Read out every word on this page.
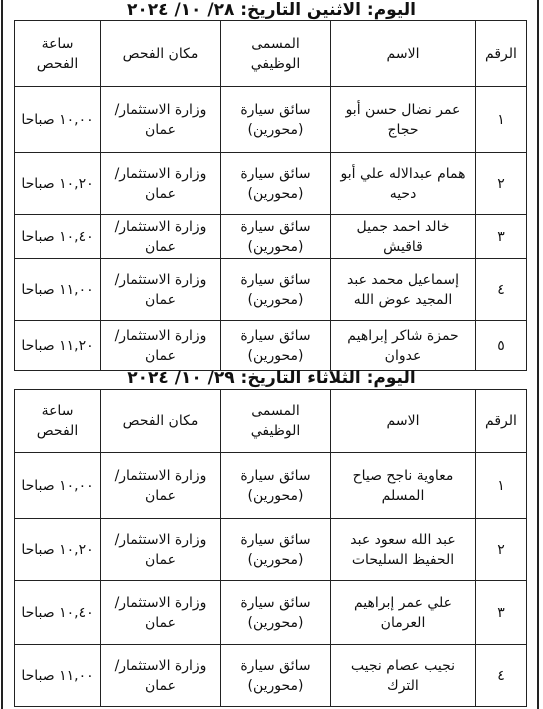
اليوم: الاثنين التاريخ: ٢٨/ ١٠/ ٢٠٢٤
الرقم	الاسم	المسمى الوظيفي	مكان الفحص	ساعة الفحص
١	عمر نضال حسن أبو حجاج	سائق سيارة (محورين)	وزارة الاستثمار/ عمان	١٠,٠٠ صباحا
٢	همام عبدالاله علي أبو دحيه	سائق سيارة (محورين)	وزارة الاستثمار/ عمان	١٠,٢٠ صباحا
٣	خالد احمد جميل قاقيش	سائق سيارة (محورين)	وزارة الاستثمار/ عمان	١٠,٤٠ صباحا
٤	إسماعيل محمد عبد المجيد عوض الله	سائق سيارة (محورين)	وزارة الاستثمار/ عمان	١١,٠٠ صباحا
٥	حمزة شاكر إبراهيم عدوان	سائق سيارة (محورين)	وزارة الاستثمار/ عمان	١١,٢٠ صباحا
اليوم: الثلاثاء التاريخ: ٢٩/ ١٠/ ٢٠٢٤
الرقم	الاسم	المسمى الوظيفي	مكان الفحص	ساعة الفحص
١	معاوية ناجح صياح المسلم	سائق سيارة (محورين)	وزارة الاستثمار/ عمان	١٠,٠٠ صباحا
٢	عبد الله سعود عبد الحفيظ السليحات	سائق سيارة (محورين)	وزارة الاستثمار/ عمان	١٠,٢٠ صباحا
٣	علي عمر إبراهيم العرمان	سائق سيارة (محورين)	وزارة الاستثمار/ عمان	١٠,٤٠ صباحا
٤	نجيب عصام نجيب الترك	سائق سيارة (محورين)	وزارة الاستثمار/ عمان	١١,٠٠ صباحا
